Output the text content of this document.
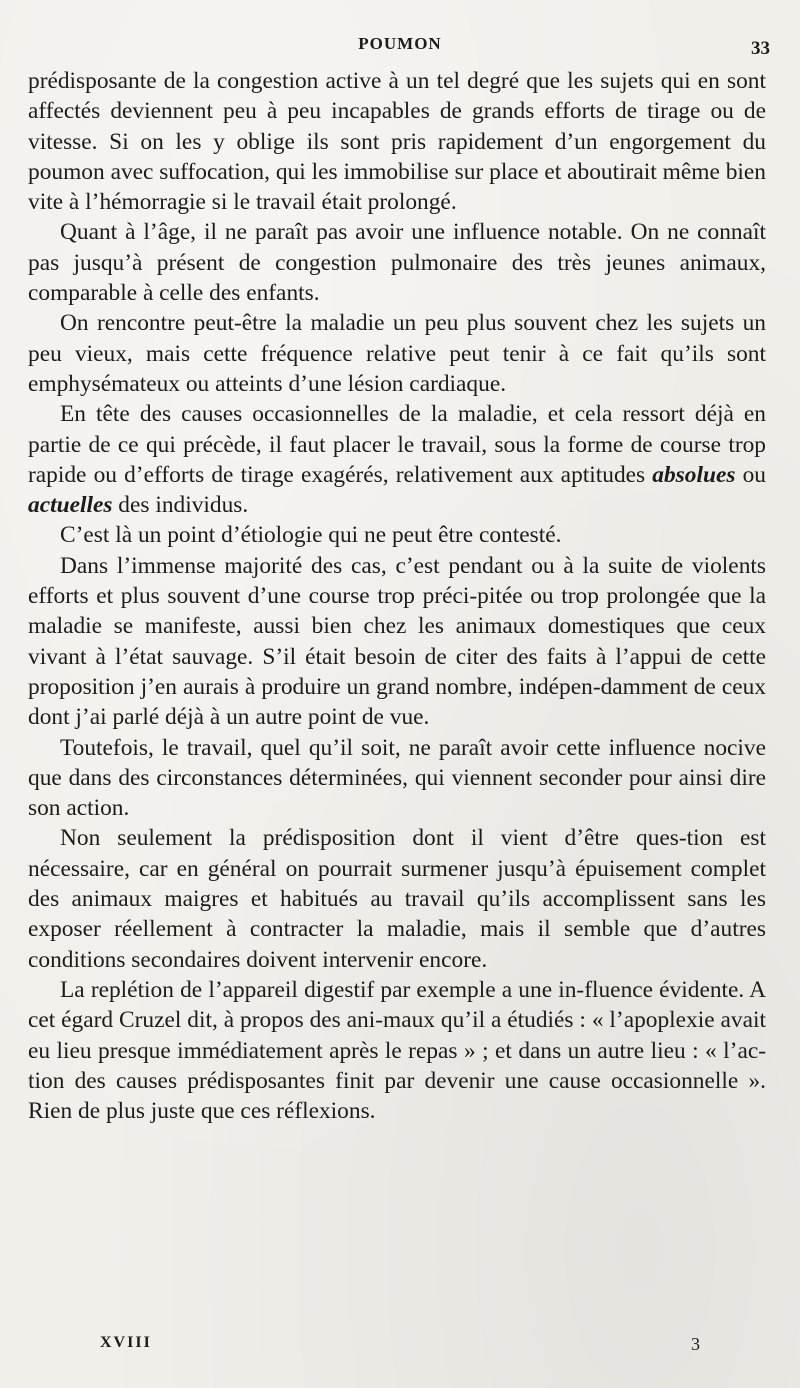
POUMON	33

prédisposante de la congestion active à un tel degré que les sujets qui en sont affectés deviennent peu à peu incapables de grands efforts de tirage ou de vitesse. Si on les y oblige ils sont pris rapidement d’un engorgement du poumon avec suffocation, qui les immobilise sur place et aboutirait même bien vite à l’hémorragie si le travail était prolongé.

Quant à l’âge, il ne paraît pas avoir une influence notable. On ne connaît pas jusqu’à présent de congestion pulmonaire des très jeunes animaux, comparable à celle des enfants.

On rencontre peut-être la maladie un peu plus souvent chez les sujets un peu vieux, mais cette fréquence relative peut tenir à ce fait qu’ils sont emphysémateux ou atteints d’une lésion cardiaque.

En tête des causes occasionnelles de la maladie, et cela ressort déjà en partie de ce qui précède, il faut placer le travail, sous la forme de course trop rapide ou d’efforts de tirage exagérés, relativement aux aptitudes absolues ou actuelles des individus.

C’est là un point d’étiologie qui ne peut être contesté.

Dans l’immense majorité des cas, c’est pendant ou à la suite de violents efforts et plus souvent d’une course trop préci-pitée ou trop prolongée que la maladie se manifeste, aussi bien chez les animaux domestiques que ceux vivant à l’état sauvage. S’il était besoin de citer des faits à l’appui de cette proposition j’en aurais à produire un grand nombre, indépen-damment de ceux dont j’ai parlé déjà à un autre point de vue.

Toutefois, le travail, quel qu’il soit, ne paraît avoir cette influence nocive que dans des circonstances déterminées, qui viennent seconder pour ainsi dire son action.

Non seulement la prédisposition dont il vient d’être ques-tion est nécessaire, car en général on pourrait surmener jusqu’à épuisement complet des animaux maigres et habitués au travail qu’ils accomplissent sans les exposer réellement à contracter la maladie, mais il semble que d’autres conditions secondaires doivent intervenir encore.

La replétion de l’appareil digestif par exemple a une in-fluence évidente. A cet égard Cruzel dit, à propos des ani-maux qu’il a étudiés : « l’apoplexie avait eu lieu presque immédiatement après le repas » ; et dans un autre lieu : « l’ac-tion des causes prédisposantes finit par devenir une cause occasionnelle ». Rien de plus juste que ces réflexions.

XVIII	3
